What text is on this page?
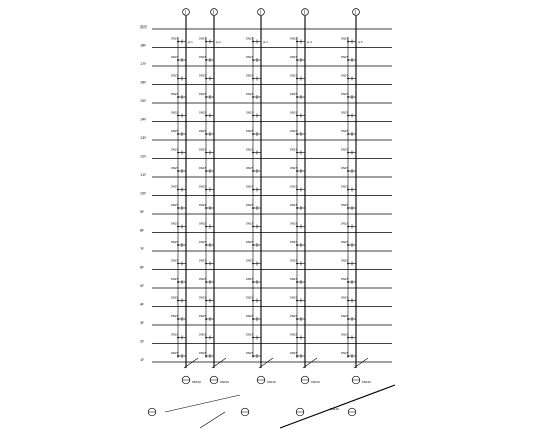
屋面
18F
17F
16F
15F
14F
13F
12F
11F
10F
9F
8F
7F
6F
5F
4F
3F
2F
1F
DN25
DN25
DN25
DN25
DN25
DN25
DN25
DN25
DN25
DN25
DN25
DN25
DN25
DN25
DN25
DN25
DN25
DN25
JL-1
DN25
DN25
DN25
DN25
DN25
DN25
DN25
DN25
DN25
DN25
DN25
DN25
DN25
DN25
DN25
DN25
DN25
DN25
JL-2
DN25
DN25
DN25
DN25
DN25
DN25
DN25
DN25
DN25
DN25
DN25
DN25
DN25
DN25
DN25
DN25
DN25
DN25
JL-3
DN25
DN25
DN25
DN25
DN25
DN25
DN25
DN25
DN25
DN25
DN25
DN25
DN25
DN25
DN25
DN25
DN25
DN25
JL-4
DN25
DN25
DN25
DN25
DN25
DN25
DN25
DN25
DN25
DN25
DN25
DN25
DN25
DN25
DN25
DN25
DN25
DN25
JL-5
J	J	J	J	J
DN100	DN100	DN100	DN100	DN100
DN100
